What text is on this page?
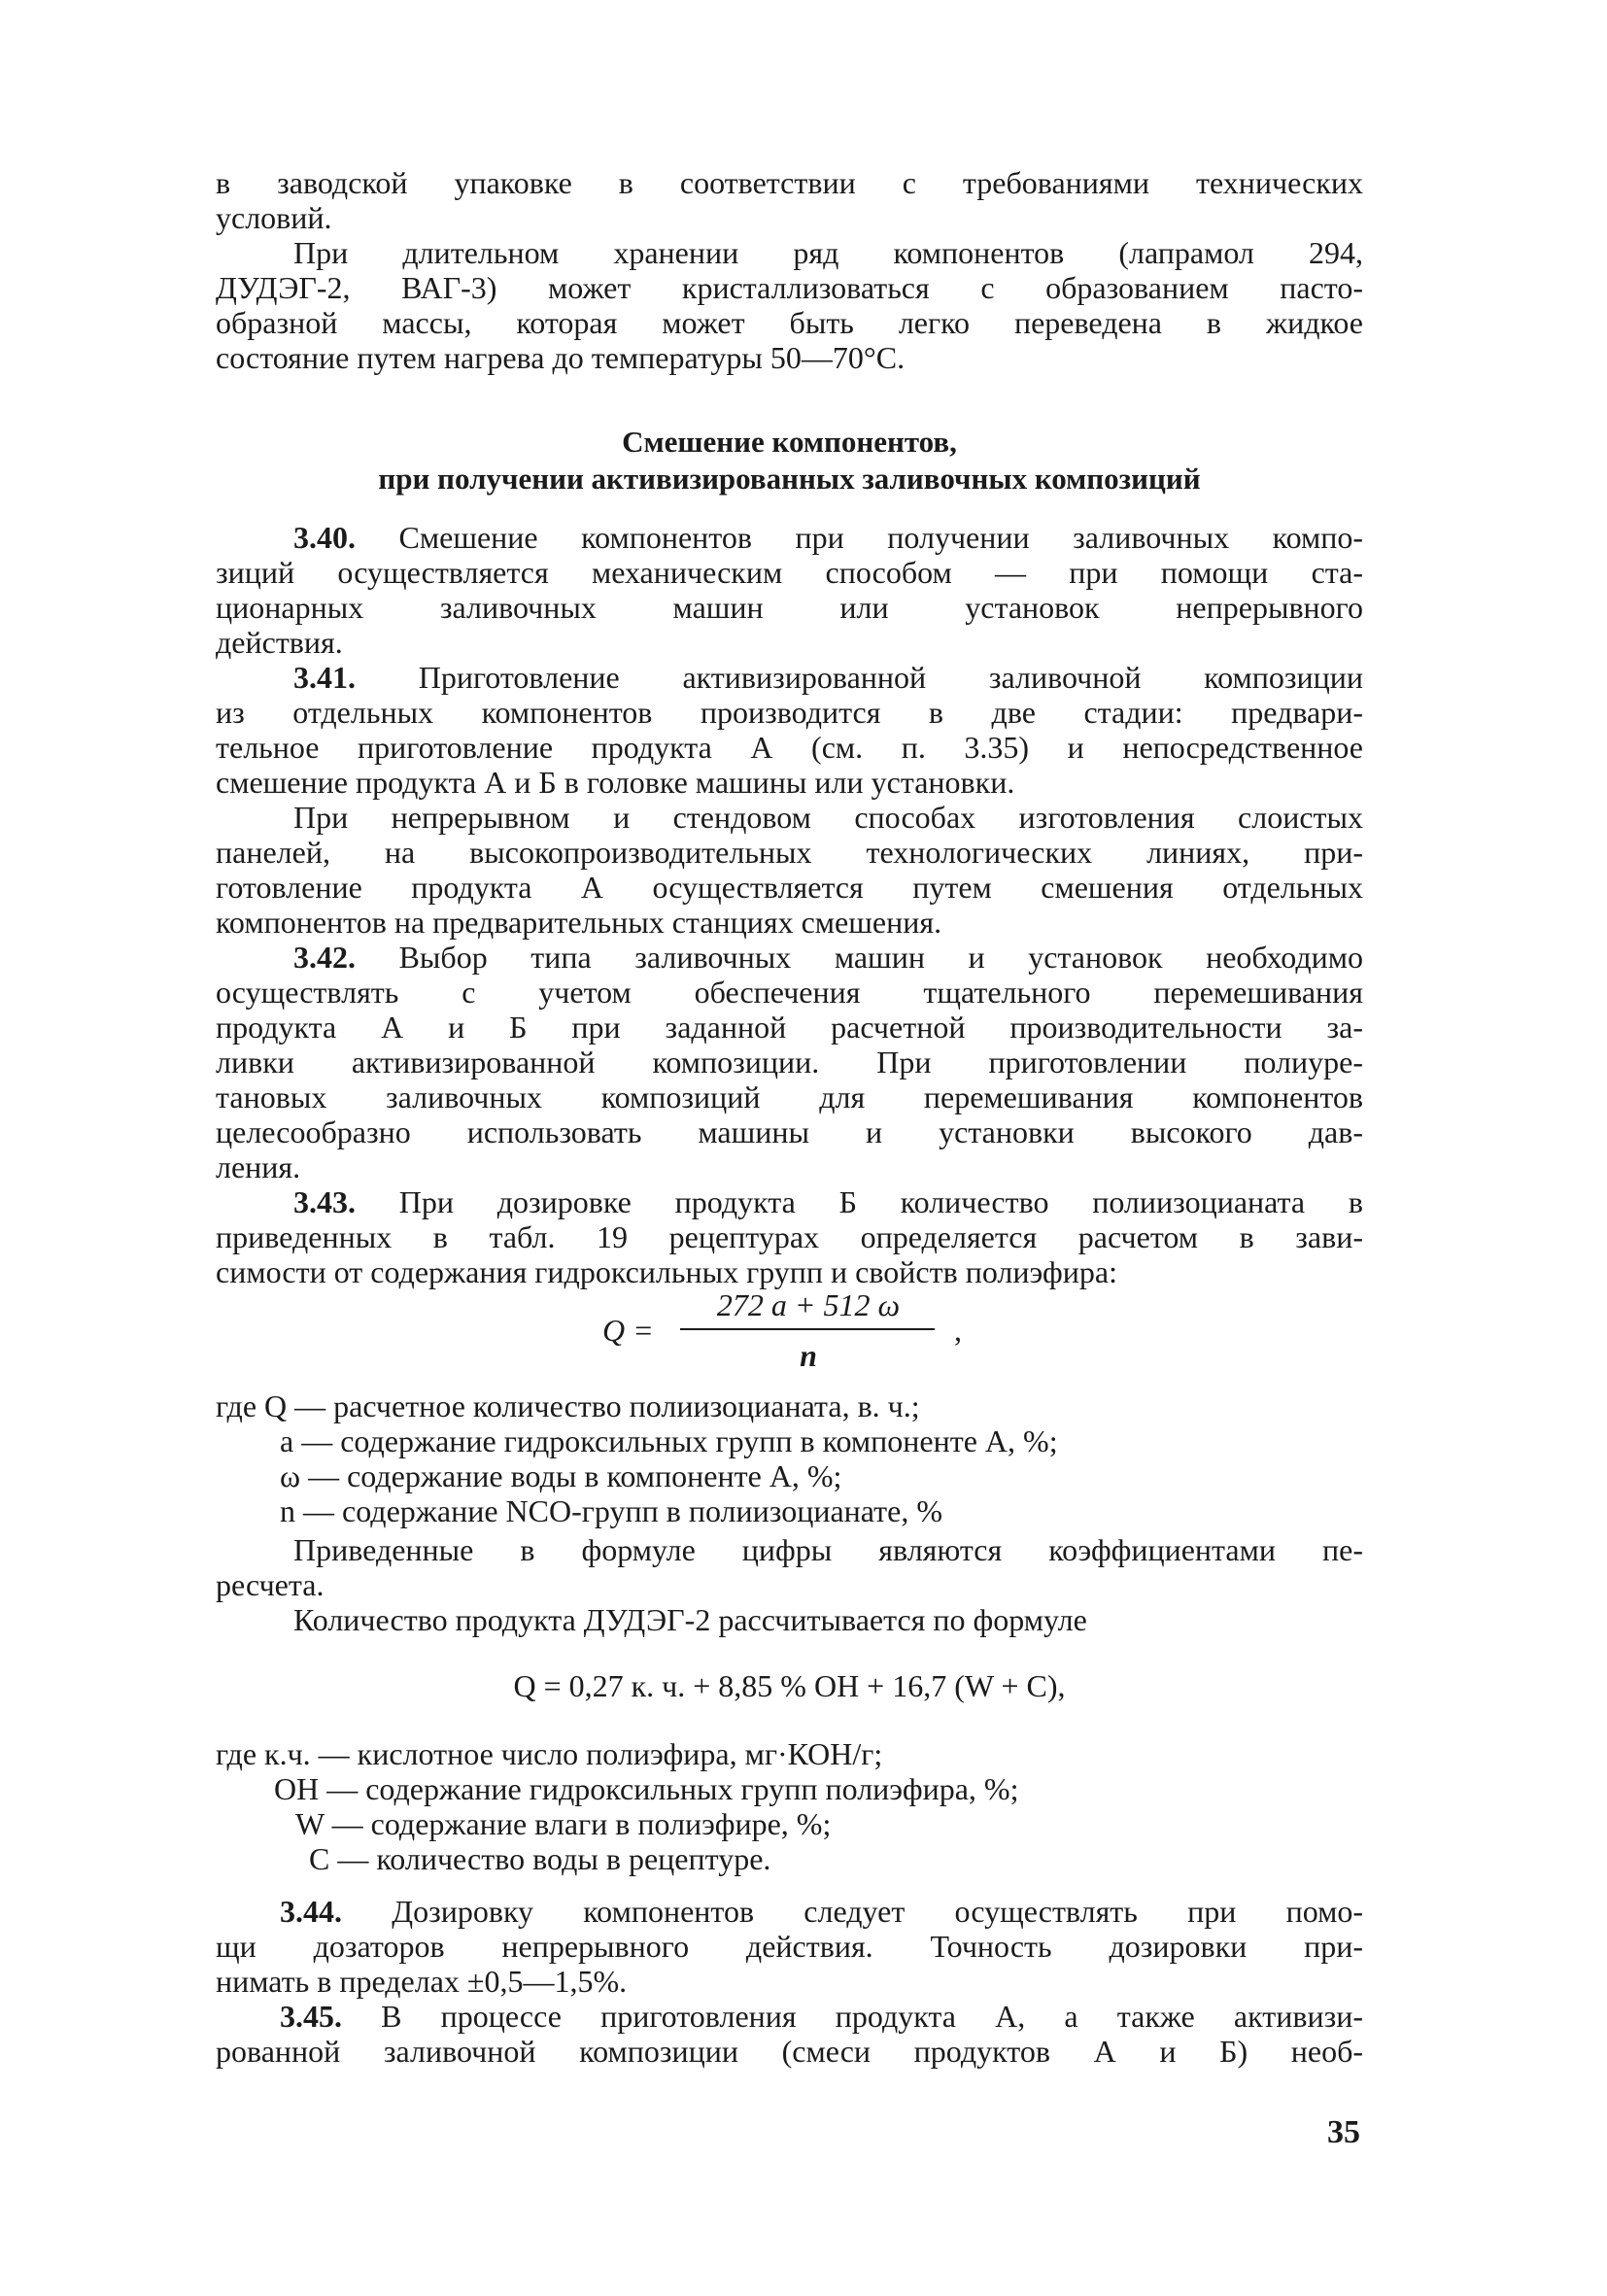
в заводской упаковке в соответствии с требованиями технических
условий.
При длительном хранении ряд компонентов (лапрамол 294,
ДУДЭГ-2, ВАГ-3) может кристаллизоваться с образованием пасто-
образной массы, которая может быть легко переведена в жидкое
состояние путем нагрева до температуры 50—70°С.
Смешение компонентов,
при получении активизированных заливочных композиций
3.40. Смешение компонентов при получении заливочных компо-
зиций осуществляется механическим способом — при помощи ста-
ционарных заливочных машин или установок непрерывного
действия.
3.41. Приготовление активизированной заливочной композиции
из отдельных компонентов производится в две стадии: предвари-
тельное приготовление продукта А (см. п. 3.35) и непосредственное
смешение продукта А и Б в головке машины или установки.
При непрерывном и стендовом способах изготовления слоистых
панелей, на высокопроизводительных технологических линиях, при-
готовление продукта А осуществляется путем смешения отдельных
компонентов на предварительных станциях смешения.
3.42. Выбор типа заливочных машин и установок необходимо
осуществлять с учетом обеспечения тщательного перемешивания
продукта А и Б при заданной расчетной производительности за-
ливки активизированной композиции. При приготовлении полиуре-
тановых заливочных композиций для перемешивания компонентов
целесообразно использовать машины и установки высокого дав-
ления.
3.43. При дозировке продукта Б количество полиизоцианата в
приведенных в табл. 19 рецептурах определяется расчетом в зави-
симости от содержания гидроксильных групп и свойств полиэфира:
272 a + 512 ω
Q =	,
n
где Q — расчетное количество полиизоцианата, в. ч.;
a — содержание гидроксильных групп в компоненте А, %;
ω — содержание воды в компоненте А, %;
n — содержание NCO-групп в полиизоцианате, %
Приведенные в формуле цифры являются коэффициентами пе-
ресчета.
Количество продукта ДУДЭГ-2 рассчитывается по формуле
Q = 0,27 к. ч. + 8,85 % ОН + 16,7 (W + C),
где к.ч. — кислотное число полиэфира, мг·КОН/г;
ОН — содержание гидроксильных групп полиэфира, %;
W — содержание влаги в полиэфире, %;
C — количество воды в рецептуре.
3.44. Дозировку компонентов следует осуществлять при помо-
щи дозаторов непрерывного действия. Точность дозировки при-
нимать в пределах ±0,5—1,5%.
3.45. В процессе приготовления продукта А, а также активизи-
рованной заливочной композиции (смеси продуктов А и Б) необ-
35
